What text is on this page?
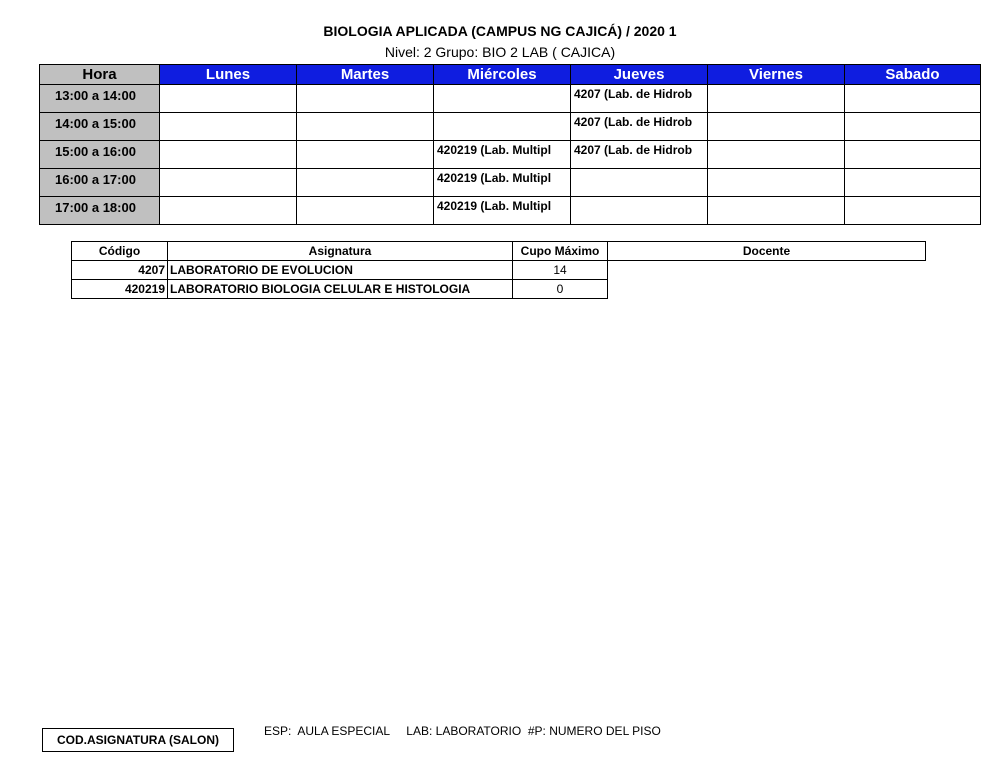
BIOLOGIA APLICADA (CAMPUS NG CAJICÁ) / 2020 1
Nivel: 2 Grupo: BIO 2 LAB ( CAJICA)
Hora	Lunes	Martes	Miércoles	Jueves	Viernes	Sabado
13:00 a 14:00				4207 (Lab. de Hidrob		
14:00 a 15:00				4207 (Lab. de Hidrob		
15:00 a 16:00			420219 (Lab. Multipl	4207 (Lab. de Hidrob		
16:00 a 17:00			420219 (Lab. Multipl			
17:00 a 18:00			420219 (Lab. Multipl			
Código	Asignatura	Cupo Máximo	Docente
4207	LABORATORIO DE EVOLUCION	14	
420219	LABORATORIO BIOLOGIA CELULAR E HISTOLOGIA	0	
COD.ASIGNATURA (SALON)
ESP:  AULA ESPECIAL     LAB: LABORATORIO  #P: NUMERO DEL PISO
